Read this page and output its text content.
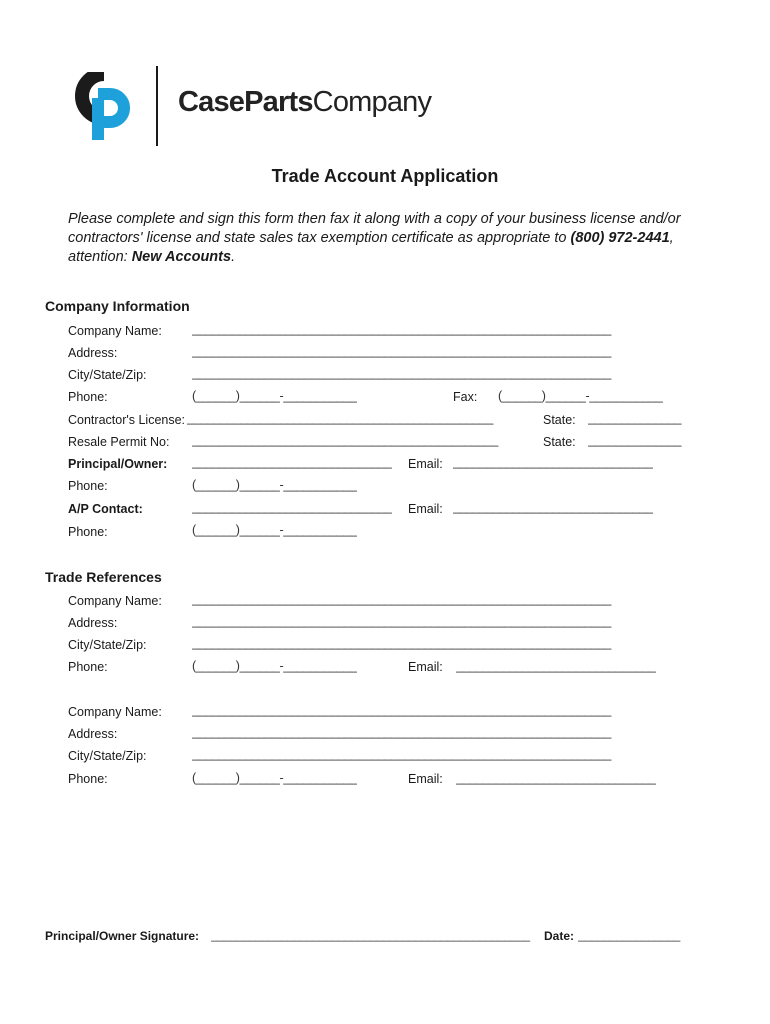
CasePartsCompany
Trade Account Application
Please complete and sign this form then fax it along with a copy of your business license and/or contractors' license and state sales tax exemption certificate as appropriate to (800) 972-2441, attention: New Accounts.
Company Information
Company Name: _______________________________________________________________
Address:	_______________________________________________________________
City/State/Zip:	_______________________________________________________________
Phone:	(______)______-___________	Fax: (______)______-___________
Contractor's License: ______________________________________________	State: ______________
Resale Permit No: ______________________________________________	State: ______________
Principal/Owner: ______________________________ Email: ______________________________
Phone:	(______)______-___________
A/P Contact:	______________________________ Email: ______________________________
Phone:	(______)______-___________
Trade References
Company Name: _______________________________________________________________
Address:	_______________________________________________________________
City/State/Zip:	_______________________________________________________________
Phone:	(______)______-___________	Email: ______________________________
Company Name: _______________________________________________________________
Address:	_______________________________________________________________
City/State/Zip:	_______________________________________________________________
Phone:	(______)______-___________	Email: ______________________________
Principal/Owner Signature: __________________________________________________	Date: ________________
